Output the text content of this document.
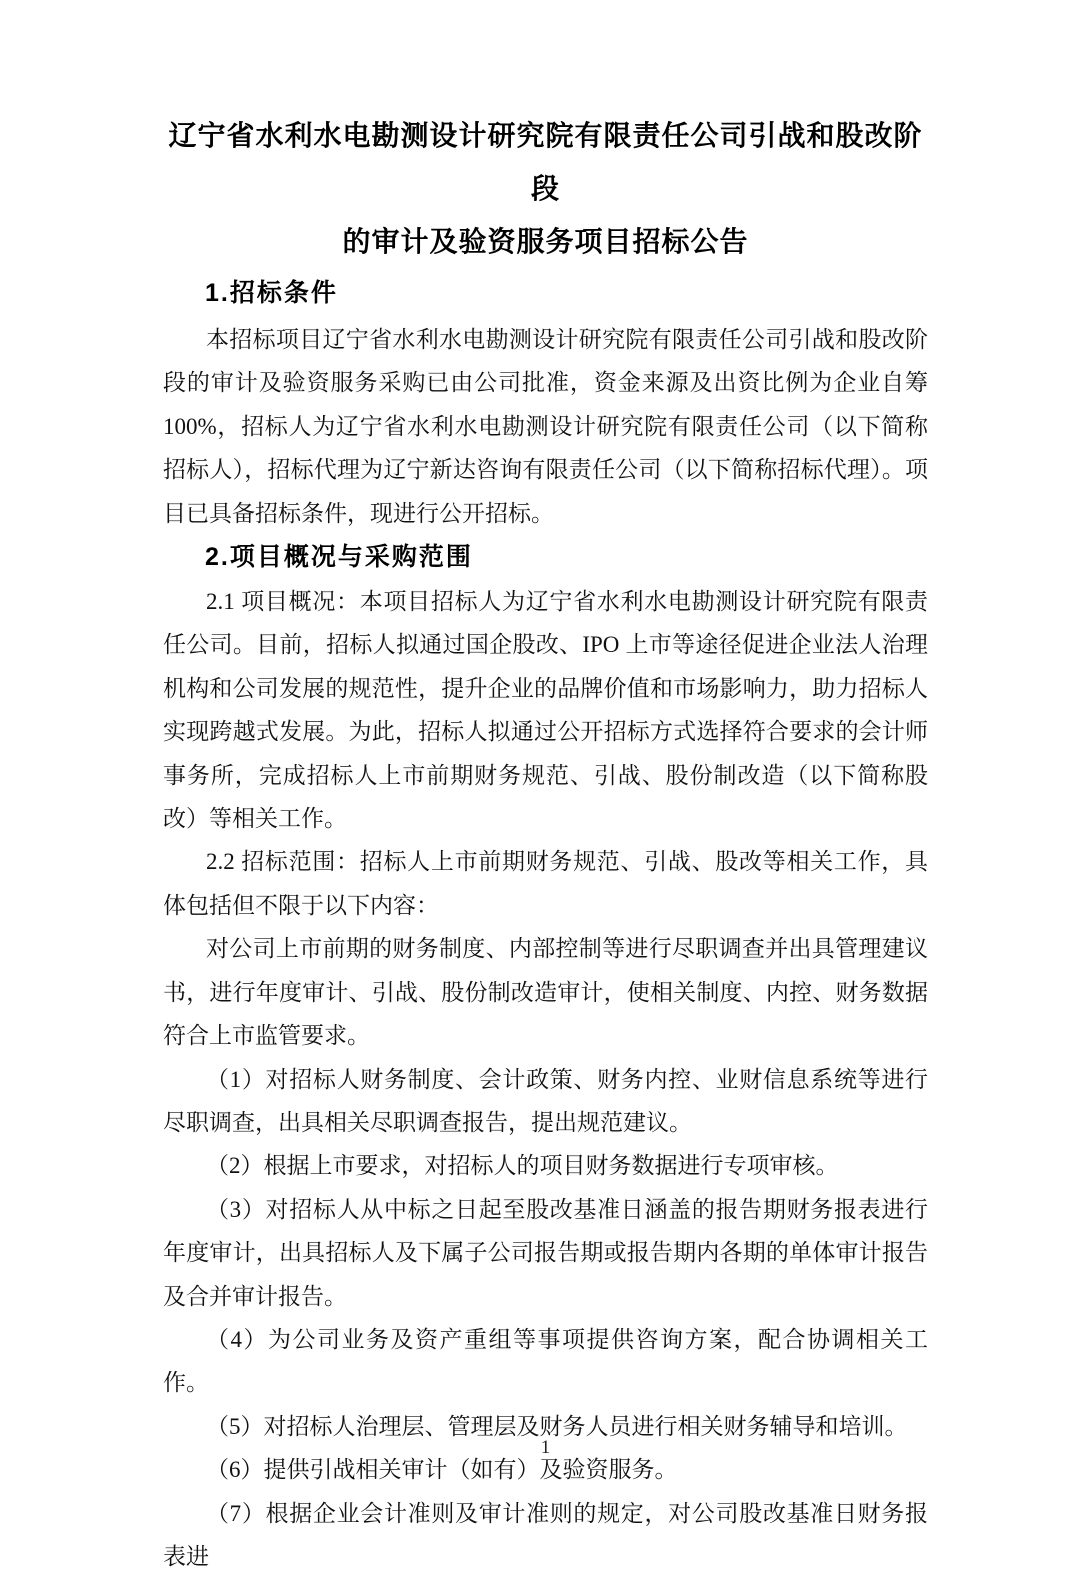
辽宁省水利水电勘测设计研究院有限责任公司引战和股改阶段
的审计及验资服务项目招标公告
1.招标条件

本招标项目辽宁省水利水电勘测设计研究院有限责任公司引战和股改阶段的审计及验资服务采购已由公司批准，资金来源及出资比例为企业自筹 100%，招标人为辽宁省水利水电勘测设计研究院有限责任公司（以下简称招标人），招标代理为辽宁新达咨询有限责任公司（以下简称招标代理）。项目已具备招标条件，现进行公开招标。

2.项目概况与采购范围

2.1 项目概况：本项目招标人为辽宁省水利水电勘测设计研究院有限责任公司。目前，招标人拟通过国企股改、IPO 上市等途径促进企业法人治理机构和公司发展的规范性，提升企业的品牌价值和市场影响力，助力招标人实现跨越式发展。为此，招标人拟通过公开招标方式选择符合要求的会计师事务所，完成招标人上市前期财务规范、引战、股份制改造（以下简称股改）等相关工作。

2.2 招标范围：招标人上市前期财务规范、引战、股改等相关工作，具体包括但不限于以下内容：

对公司上市前期的财务制度、内部控制等进行尽职调查并出具管理建议书，进行年度审计、引战、股份制改造审计，使相关制度、内控、财务数据符合上市监管要求。

（1）对招标人财务制度、会计政策、财务内控、业财信息系统等进行尽职调查，出具相关尽职调查报告，提出规范建议。

（2）根据上市要求，对招标人的项目财务数据进行专项审核。

（3）对招标人从中标之日起至股改基准日涵盖的报告期财务报表进行年度审计，出具招标人及下属子公司报告期或报告期内各期的单体审计报告及合并审计报告。

（4）为公司业务及资产重组等事项提供咨询方案，配合协调相关工作。

（5）对招标人治理层、管理层及财务人员进行相关财务辅导和培训。

（6）提供引战相关审计（如有）及验资服务。

（7）根据企业会计准则及审计准则的规定，对公司股改基准日财务报表进

1
